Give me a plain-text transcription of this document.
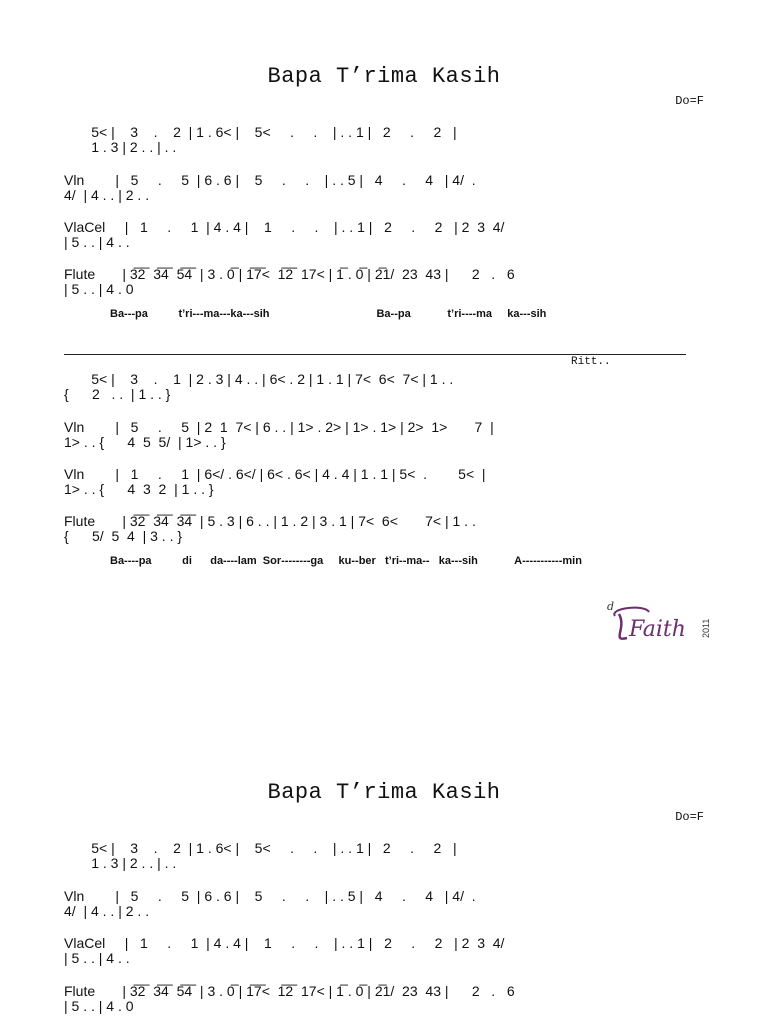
Bapa T’rima Kasih
Do=F
5< |    3    .    2  | 1 . 6< |    5<     .     .    | . . 1 |   2     .     2   |
1 . 3 | 2 . . | . .
Vln        |   5     .     5  | 6 . 6 |    5     .     .    | . . 5 |   4     .     4   | 4/  .
4/  | 4 . . | 2 . .
VlaCel     |   1     .     1  | 4 . 4 |    1     .     .    | . . 1 |   2     .     2   | 2  3  4/
| 5 . . | 4 . .
Flute       | 3̅2̅  3̅4̅  5̅4̅  | 3 . 0̅ | 1̅7̅<  1̅2̅  17< | 1̅ . 0̅ | 2̅1/  23  43 |      2   .   6
| 5 . . | 4 . 0
Ba---pa          t’ri---ma---ka---sih                                   Ba--pa            t’ri----ma     ka---sih
Ritt..
5< |    3    .    1  | 2 . 3 | 4 . . | 6< . 2 | 1 . 1 | 7<  6<  7< | 1 . .
{      2   . .  | 1 . . }
Vln        |   5     .     5  | 2  1  7< | 6 . . | 1> . 2> | 1> . 1> | 2>  1>       7  |
1> . . {      4  5  5/  | 1> . . }
Vln        |   1     .     1  | 6</ . 6</ | 6< . 6< | 4 . 4 | 1 . 1 | 5<  .        5<  |
1> . . {      4  3  2  | 1 . . }
Flute       | 3̅2̅  3̅4̅  3̅4̅  | 5 . 3 | 6 . . | 1 . 2 | 3 . 1 | 7<  6<       7< | 1 . .
{      5/  5  4  | 3 . . }
Ba----pa          di      da----lam  Sor--------ga     ku--ber   t’ri--ma--   ka---sih            A-----------min

d
Faith 2011

Bapa T’rima Kasih
Do=F
5< |    3    .    2  | 1 . 6< |    5<     .     .    | . . 1 |   2     .     2   |
1 . 3 | 2 . . | . .
Vln        |   5     .     5  | 6 . 6 |    5     .     .    | . . 5 |   4     .     4   | 4/  .
4/  | 4 . . | 2 . .
VlaCel     |   1     .     1  | 4 . 4 |    1     .     .    | . . 1 |   2     .     2   | 2  3  4/
| 5 . . | 4 . .
Flute       | 3̅2̅  3̅4̅  5̅4̅  | 3 . 0̅ | 1̅7̅<  1̅2̅  17< | 1̅ . 0̅ | 2̅1/  23  43 |      2   .   6
| 5 . . | 4 . 0
